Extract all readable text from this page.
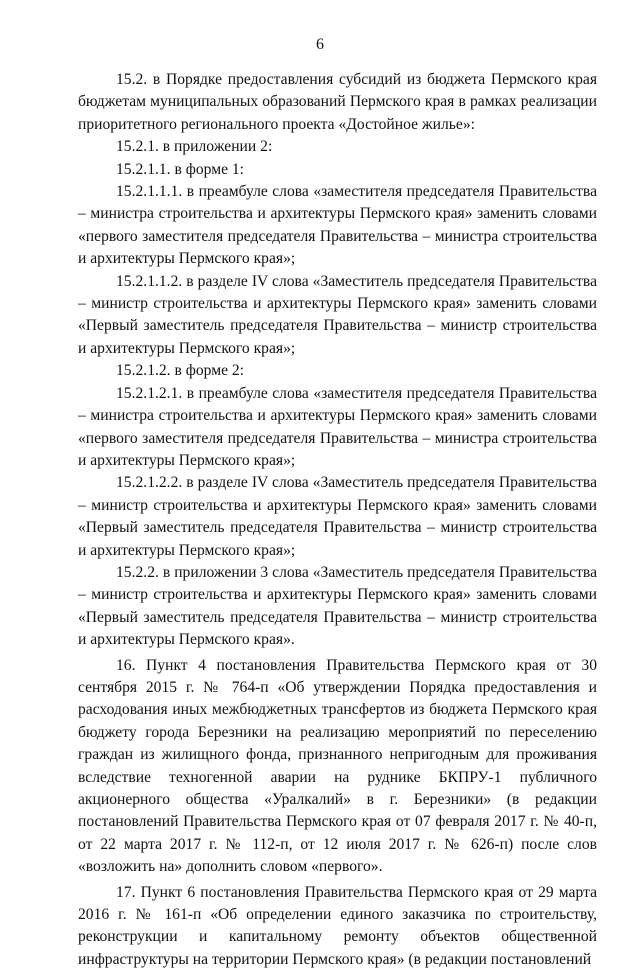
6

15.2. в Порядке предоставления субсидий из бюджета Пермского края бюджетам муниципальных образований Пермского края в рамках реализации приоритетного регионального проекта «Достойное жилье»:

15.2.1. в приложении 2:

15.2.1.1. в форме 1:

15.2.1.1.1. в преамбуле слова «заместителя председателя Правительства – министра строительства и архитектуры Пермского края» заменить словами «первого заместителя председателя Правительства – министра строительства и архитектуры Пермского края»;

15.2.1.1.2. в разделе IV слова «Заместитель председателя Правительства – министр строительства и архитектуры Пермского края» заменить словами «Первый заместитель председателя Правительства – министр строительства и архитектуры Пермского края»;

15.2.1.2. в форме 2:

15.2.1.2.1. в преамбуле слова «заместителя председателя Правительства – министра строительства и архитектуры Пермского края» заменить словами «первого заместителя председателя Правительства – министра строительства и архитектуры Пермского края»;

15.2.1.2.2. в разделе IV слова «Заместитель председателя Правительства – министр строительства и архитектуры Пермского края» заменить словами «Первый заместитель председателя Правительства – министр строительства и архитектуры Пермского края»;

15.2.2. в приложении 3 слова «Заместитель председателя Правительства – министр строительства и архитектуры Пермского края» заменить словами «Первый заместитель председателя Правительства – министр строительства и архитектуры Пермского края».

16. Пункт 4 постановления Правительства Пермского края от 30 сентября 2015 г. № 764-п «Об утверждении Порядка предоставления и расходования иных межбюджетных трансфертов из бюджета Пермского края бюджету города Березники на реализацию мероприятий по переселению граждан из жилищного фонда, признанного непригодным для проживания вследствие техногенной аварии на руднике БКПРУ-1 публичного акционерного общества «Уралкалий» в г. Березники» (в редакции постановлений Правительства Пермского края от 07 февраля 2017 г. № 40-п, от 22 марта 2017 г. № 112-п, от 12 июля 2017 г. № 626-п) после слов «возложить на» дополнить словом «первого».

17. Пункт 6 постановления Правительства Пермского края от 29 марта 2016 г. № 161-п «Об определении единого заказчика по строительству, реконструкции и капитальному ремонту объектов общественной инфраструктуры на территории Пермского края» (в редакции постановлений
